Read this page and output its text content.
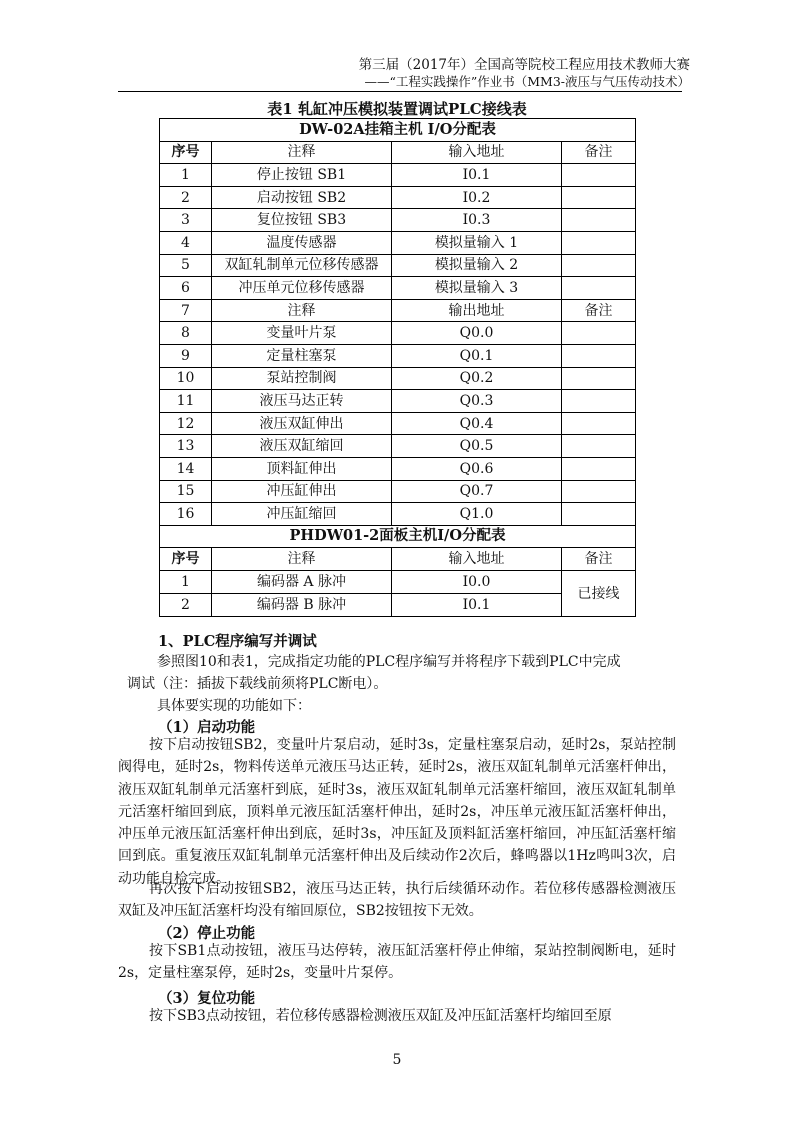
第三届（2017年）全国高等院校工程应用技术教师大赛
——“工程实践操作”作业书（MM3-液压与气压传动技术）
表1 轧缸冲压模拟装置调试PLC接线表
DW-02A挂箱主机 I/O分配表			
序号	注释	输入地址	备注
1	停止按钮 SB1	I0.1	
2	启动按钮 SB2	I0.2	
3	复位按钮 SB3	I0.3	
4	温度传感器	模拟量输入 1	
5	双缸轧制单元位移传感器	模拟量输入 2	
6	冲压单元位移传感器	模拟量输入 3	
7	注释	输出地址	备注
8	变量叶片泵	Q0.0	
9	定量柱塞泵	Q0.1	
10	泵站控制阀	Q0.2	
11	液压马达正转	Q0.3	
12	液压双缸伸出	Q0.4	
13	液压双缸缩回	Q0.5	
14	顶料缸伸出	Q0.6	
15	冲压缸伸出	Q0.7	
16	冲压缸缩回	Q1.0	
PHDW01-2面板主机I/O分配表			
序号	注释	输入地址	备注
1	编码器 A 脉冲	I0.0	已接线
2	编码器 B 脉冲	I0.1	
1、PLC程序编写并调试
参照图10和表1，完成指定功能的PLC程序编写并将程序下载到PLC中完成
调试（注：插拔下载线前须将PLC断电）。
具体要实现的功能如下：
（1）启动功能
按下启动按钮SB2，变量叶片泵启动，延时3s，定量柱塞泵启动，延时2s，泵站控制阀得电，延时2s，物料传送单元液压马达正转，延时2s，液压双缸轧制单元活塞杆伸出，液压双缸轧制单元活塞杆到底，延时3s，液压双缸轧制单元活塞杆缩回，液压双缸轧制单元活塞杆缩回到底，顶料单元液压缸活塞杆伸出，延时2s，冲压单元液压缸活塞杆伸出，冲压单元液压缸活塞杆伸出到底，延时3s，冲压缸及顶料缸活塞杆缩回，冲压缸活塞杆缩回到底。重复液压双缸轧制单元活塞杆伸出及后续动作2次后，蜂鸣器以1Hz鸣叫3次，启动功能自检完成。
再次按下启动按钮SB2，液压马达正转，执行后续循环动作。若位移传感器检测液压双缸及冲压缸活塞杆均没有缩回原位，SB2按钮按下无效。
（2）停止功能
按下SB1点动按钮，液压马达停转，液压缸活塞杆停止伸缩，泵站控制阀断电，延时2s，定量柱塞泵停，延时2s，变量叶片泵停。
（3）复位功能
按下SB3点动按钮，若位移传感器检测液压双缸及冲压缸活塞杆均缩回至原
5
